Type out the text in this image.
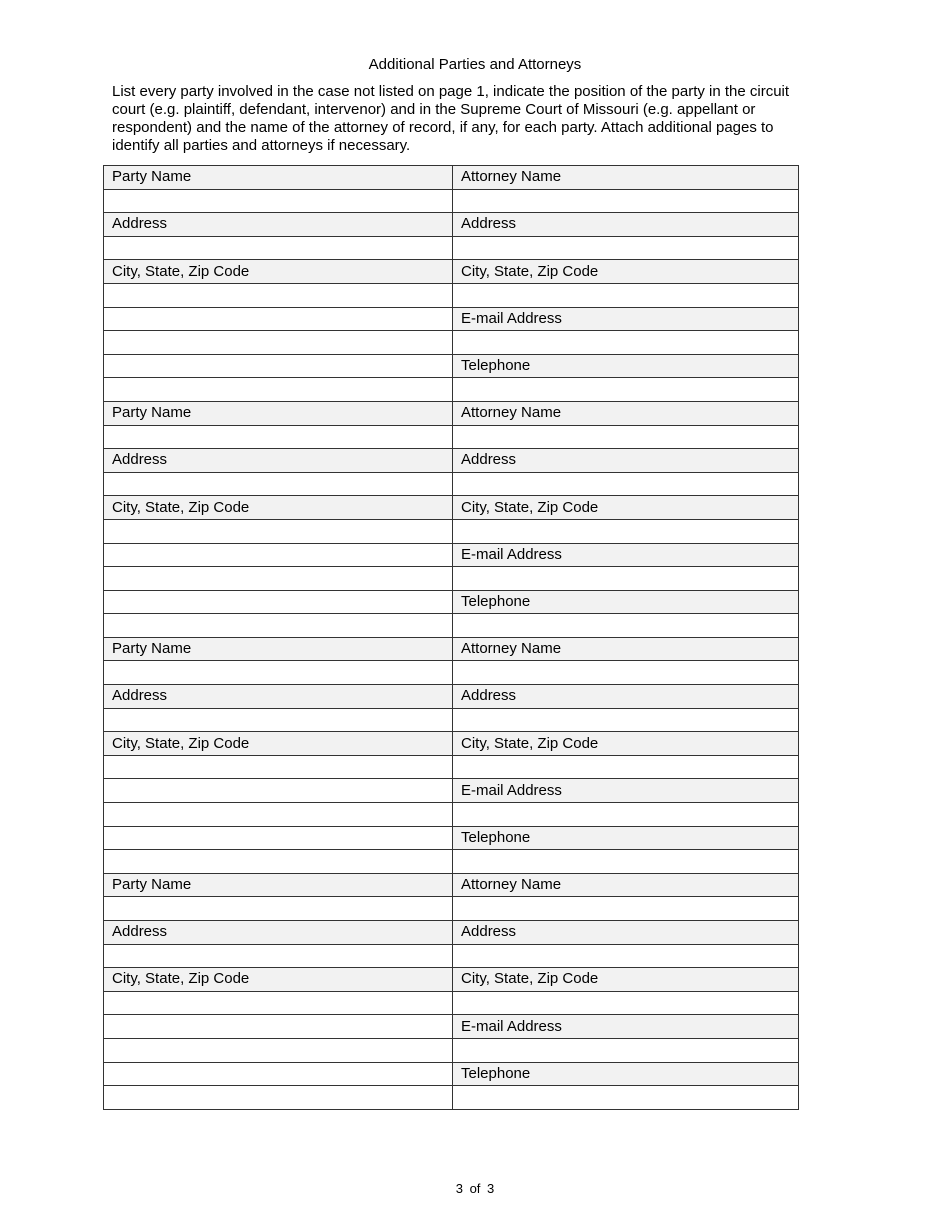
Additional Parties and Attorneys
List every party involved in the case not listed on page 1, indicate the position of the party in the circuit court (e.g. plaintiff, defendant, intervenor) and in the Supreme Court of Missouri (e.g. appellant or respondent) and the name of the attorney of record, if any, for each party. Attach additional pages to identify all parties and attorneys if necessary.
Party Name	Attorney Name

Address	Address

City, State, Zip Code	City, State, Zip Code

	E-mail Address

	Telephone

Party Name	Attorney Name

Address	Address

City, State, Zip Code	City, State, Zip Code

	E-mail Address

	Telephone

Party Name	Attorney Name

Address	Address

City, State, Zip Code	City, State, Zip Code

	E-mail Address

	Telephone

Party Name	Attorney Name

Address	Address

City, State, Zip Code	City, State, Zip Code

	E-mail Address

	Telephone

3 of 3
